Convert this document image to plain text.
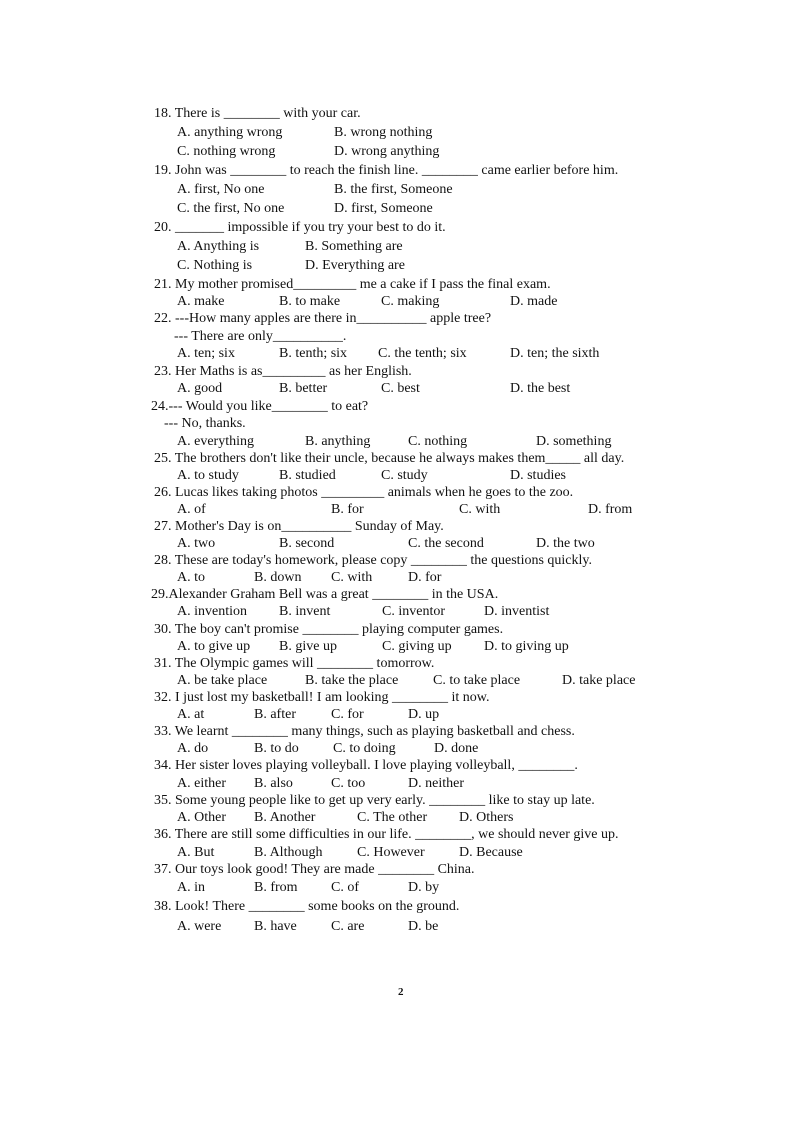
18. There is ________ with your car.
A. anything wrong	B. wrong nothing
C. nothing wrong	D. wrong anything
19. John was ________ to reach the finish line. ________ came earlier before him.
A. first, No one	B. the first, Someone
C. the first, No one	D. first, Someone
20. _______ impossible if you try your best to do it.
A. Anything is	B. Something are
C. Nothing is	D. Everything are
21. My mother promised_________ me a cake if I pass the final exam.
A. make	B. to make	C. making	D. made
22. ---How many apples are there in__________ apple tree?
--- There are only__________.
A. ten; six	B. tenth; six C. the tenth; six	D. ten; the sixth
23. Her Maths is as_________ as her English.
A. good	B. better	C. best	D. the best
24.--- Would you like________ to eat?
--- No, thanks.
A. everything	B. anything	C. nothing	D. something
25. The brothers don't like their uncle, because he always makes them_____ all day.
A. to study	B. studied	C. study	D. studies
26. Lucas likes taking photos _________ animals when he goes to the zoo.
A. of	B. for	C. with	D. from
27. Mother's Day is on__________ Sunday of May.
A. two	B. second	C. the second	D. the two
28. These are today's homework, please copy ________ the questions quickly.
A. to	B. down C. with	D. for
29.Alexander Graham Bell was a great ________ in the USA.
A. invention B. invent	C. inventor	D. inventist
30. The boy can't promise ________ playing computer games.
A. to give up B. give up	C. giving up D. to giving up
31. The Olympic games will ________ tomorrow.
A. be take place	B. take the place C. to take place	D. take place
32. I just lost my basketball! I am looking ________ it now.
A. at	B. after	C. for	D. up
33. We learnt ________ many things, such as playing basketball and chess.
A. do	B. to do C. to doing	D. done
34. Her sister loves playing volleyball. I love playing volleyball, ________.
A. either B. also	C. too	D. neither
35. Some young people like to get up very early. ________ like to stay up late.
A. Other B. Another	C. The other D. Others
36. There are still some difficulties in our life. ________, we should never give up.
A. But	B. Although C. However D. Because
37. Our toys look good! They are made ________ China.
A. in	B. from C. of	D. by
38. Look! There ________ some books on the ground.
A. were B. have C. are	D. be
2
